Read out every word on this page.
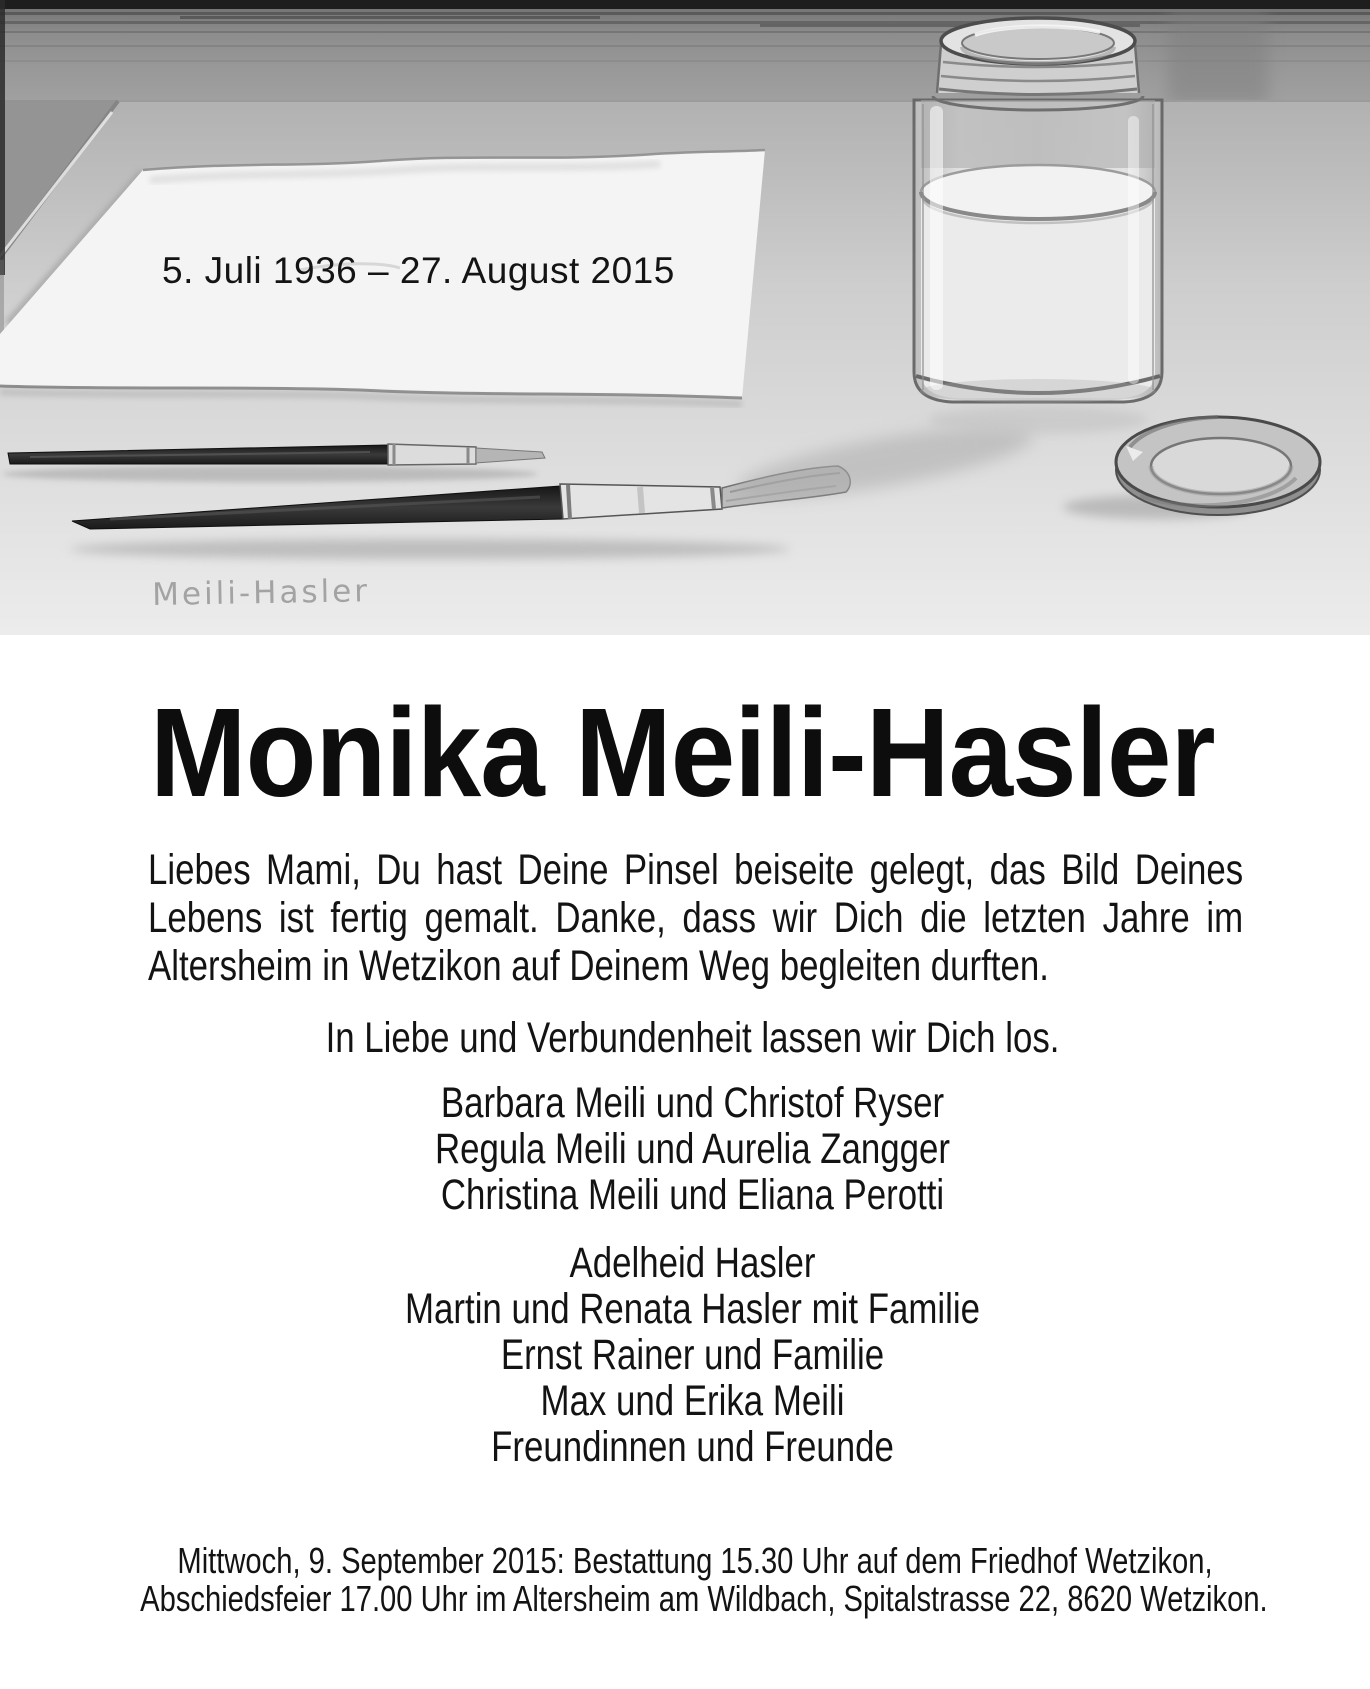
5. Juli 1936 – 27. August 2015
Meili-Hasler
Monika Meili-Hasler
Liebes Mami, Du hast Deine Pinsel beiseite gelegt, das Bild Deines
Lebens ist fertig gemalt. Danke, dass wir Dich die letzten Jahre im
Altersheim in Wetzikon auf Deinem Weg begleiten durften.
In Liebe und Verbundenheit lassen wir Dich los.
Barbara Meili und Christof Ryser
Regula Meili und Aurelia Zangger
Christina Meili und Eliana Perotti
Adelheid Hasler
Martin und Renata Hasler mit Familie
Ernst Rainer und Familie
Max und Erika Meili
Freundinnen und Freunde
Mittwoch, 9. September 2015: Bestattung 15.30 Uhr auf dem Friedhof Wetzikon,
Abschiedsfeier 17.00 Uhr im Altersheim am Wildbach, Spitalstrasse 22, 8620 Wetzikon.
